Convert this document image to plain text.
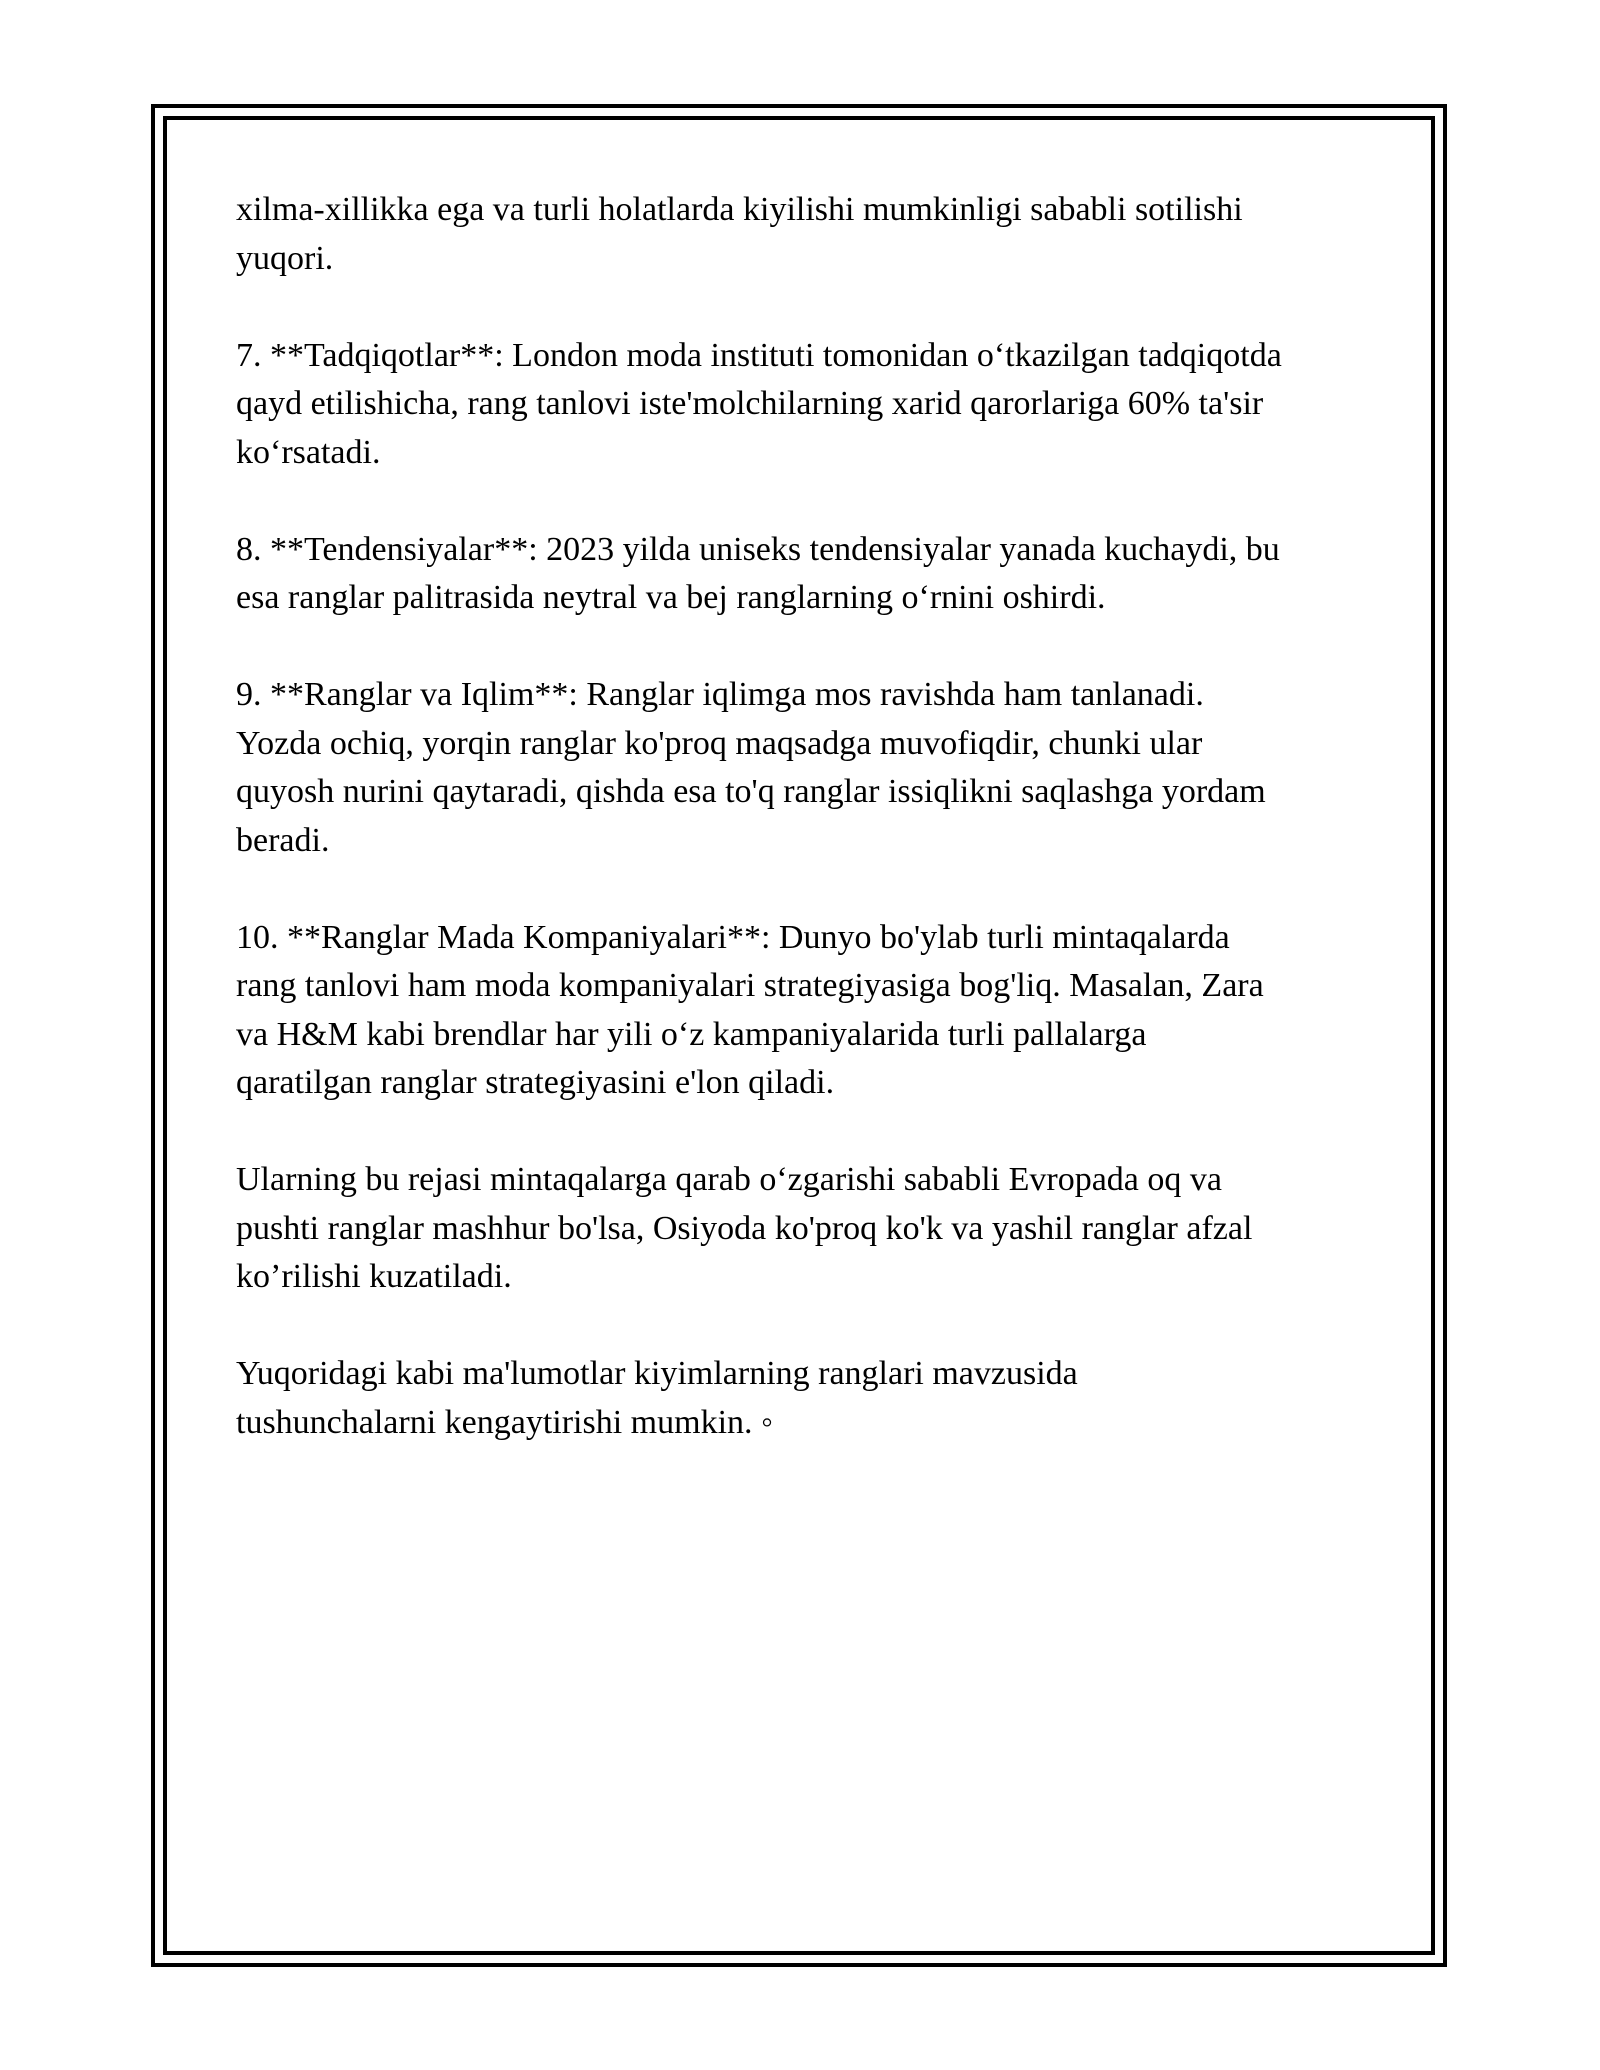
xilma-xillikka ega va turli holatlarda kiyilishi mumkinligi sababli sotilishi
yuqori.

7. **Tadqiqotlar**: London moda instituti tomonidan oʻtkazilgan tadqiqotda
qayd etilishicha, rang tanlovi iste'molchilarning xarid qarorlariga 60% ta'sir
koʻrsatadi.

8. **Tendensiyalar**: 2023 yilda uniseks tendensiyalar yanada kuchaydi, bu
esa ranglar palitrasida neytral va bej ranglarning oʻrnini oshirdi.

9. **Ranglar va Iqlim**: Ranglar iqlimga mos ravishda ham tanlanadi.
Yozda ochiq, yorqin ranglar ko'proq maqsadga muvofiqdir, chunki ular
quyosh nurini qaytaradi, qishda esa to'q ranglar issiqlikni saqlashga yordam
beradi.

10. **Ranglar Mada Kompaniyalari**: Dunyo bo'ylab turli mintaqalarda
rang tanlovi ham moda kompaniyalari strategiyasiga bog'liq. Masalan, Zara
va H&M kabi brendlar har yili oʻz kampaniyalarida turli pallalarga
qaratilgan ranglar strategiyasini e'lon qiladi.

Ularning bu rejasi mintaqalarga qarab oʻzgarishi sababli Evropada oq va
pushti ranglar mashhur bo'lsa, Osiyoda ko'proq ko'k va yashil ranglar afzal
ko’rilishi kuzatiladi.

Yuqoridagi kabi ma'lumotlar kiyimlarning ranglari mavzusida
tushunchalarni kengaytirishi mumkin. ◦
